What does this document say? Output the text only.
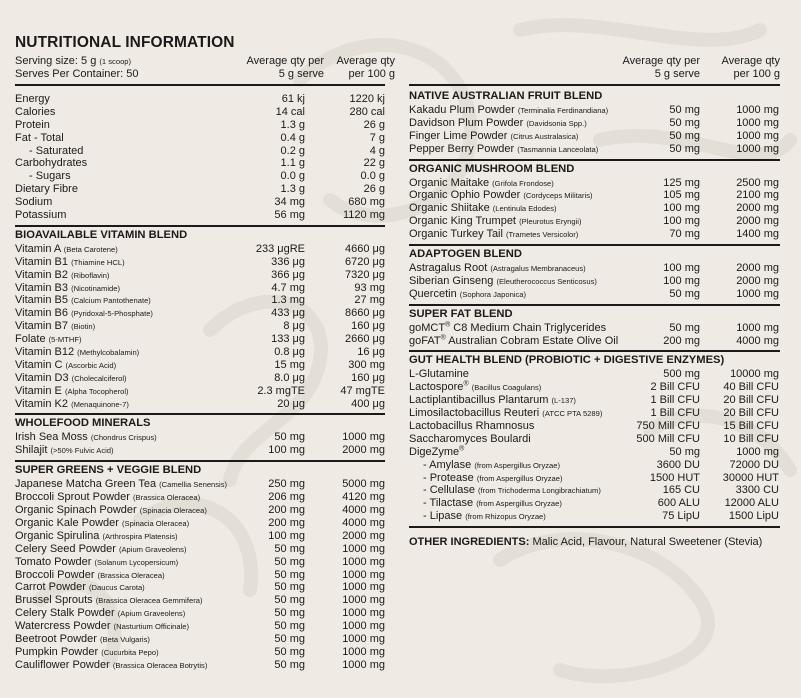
NUTRITIONAL INFORMATION
Serving size: 5 g (1 scoop)
Serves Per Container: 50
Average qty per
5 g serve
Average qty
per 100 g
Average qty per
5 g serve
Average qty
per 100 g
Energy	61 kj	1220 kj
Calories	14 cal	280 cal
Protein	1.3 g	26 g
Fat - Total	0.4 g	7 g
- Saturated	0.2 g	4 g
Carbohydrates	1.1 g	22 g
- Sugars	0.0 g	0.0 g
Dietary Fibre	1.3 g	26 g
Sodium	34 mg	680 mg
Potassium	56 mg	1120 mg
BIOAVAILABLE VITAMIN BLEND
Vitamin A (Beta Carotene)	233 μgRE	4660 μg
Vitamin B1 (Thiamine HCL)	336 μg	6720 μg
Vitamin B2 (Riboflavin)	366 μg	7320 μg
Vitamin B3 (Nicotinamide)	4.7 mg	93 mg
Vitamin B5 (Calcium Pantothenate)	1.3 mg	27 mg
Vitamin B6 (Pyridoxal-5-Phosphate)	433 μg	8660 μg
Vitamin B7 (Biotin)	8 μg	160 μg
Folate (5-MTHF)	133 μg	2660 μg
Vitamin B12 (Methylcobalamin)	0.8 μg	16 μg
Vitamin C (Ascorbic Acid)	15 mg	300 mg
Vitamin D3 (Cholecalciferol)	8.0 μg	160 μg
Vitamin E (Alpha Tocopherol)	2.3 mgTE	47 mgTE
Vitamin K2 (Menaquinone-7)	20 μg	400 μg
WHOLEFOOD MINERALS
Irish Sea Moss (Chondrus Crispus)	50 mg	1000 mg
Shilajit (>50% Fulvic Acid)	100 mg	2000 mg
SUPER GREENS + VEGGIE BLEND
Japanese Matcha Green Tea (Camellia Senensis)	250 mg	5000 mg
Broccoli Sprout Powder (Brassica Oleracea)	206 mg	4120 mg
Organic Spinach Powder (Spinacia Oleracea)	200 mg	4000 mg
Organic Kale Powder (Spinacia Oleracea)	200 mg	4000 mg
Organic Spirulina (Arthrospira Platensis)	100 mg	2000 mg
Celery Seed Powder (Apium Graveolens)	50 mg	1000 mg
Tomato Powder (Solanum Lycopersicum)	50 mg	1000 mg
Broccoli Powder (Brassica Oleracea)	50 mg	1000 mg
Carrot Powder (Daucus Carota)	50 mg	1000 mg
Brussel Sprouts (Brassica Oleracea Gemmifera)	50 mg	1000 mg
Celery Stalk Powder (Apium Graveolens)	50 mg	1000 mg
Watercress Powder (Nasturtium Officinale)	50 mg	1000 mg
Beetroot Powder (Beta Vulgaris)	50 mg	1000 mg
Pumpkin Powder (Cucurbita Pepo)	50 mg	1000 mg
Cauliflower Powder (Brassica Oleracea Botrytis)	50 mg	1000 mg
NATIVE AUSTRALIAN FRUIT BLEND
Kakadu Plum Powder (Terminalia Ferdinandiana)	50 mg	1000 mg
Davidson Plum Powder (Davidsonia Spp.)	50 mg	1000 mg
Finger Lime Powder (Citrus Australasica)	50 mg	1000 mg
Pepper Berry Powder (Tasmannia Lanceolata)	50 mg	1000 mg
ORGANIC MUSHROOM BLEND
Organic Maitake (Grifola Frondose)	125 mg	2500 mg
Organic Ophio Powder (Cordyceps Militaris)	105 mg	2100 mg
Organic Shiitake (Lentinula Edodes)	100 mg	2000 mg
Organic King Trumpet (Pleurotus Eryngii)	100 mg	2000 mg
Organic Turkey Tail (Trametes Versicolor)	70 mg	1400 mg
ADAPTOGEN BLEND
Astragalus Root (Astragalus Membranaceus)	100 mg	2000 mg
Siberian Ginseng (Eleutherococcus Senticosus)	100 mg	2000 mg
Quercetin (Sophora Japonica)	50 mg	1000 mg
SUPER FAT BLEND
goMCT® C8 Medium Chain Triglycerides	50 mg	1000 mg
goFAT® Australian Cobram Estate Olive Oil	200 mg	4000 mg
GUT HEALTH BLEND (PROBIOTIC + DIGESTIVE ENZYMES)
L-Glutamine	500 mg	10000 mg
Lactospore® (Bacillus Coagulans)	2 Bill CFU 40 Bill CFU
Lactiplantibacillus Plantarum (L-137)	1 Bill CFU 20 Bill CFU
Limosilactobacillus Reuteri (ATCC PTA 5289)	1 Bill CFU 20 Bill CFU
Lactobacillus Rhamnosus	750 Mill CFU 15 Bill CFU
Saccharomyces Boulardi	500 Mill CFU 10 Bill CFU
DigeZyme®	50 mg	1000 mg
- Amylase (from Aspergillus Oryzae)	3600 DU	72000 DU
- Protease (from Aspergillus Oryzae)	1500 HUT 30000 HUT
- Cellulase (from Trichoderma Longibrachiatum)	165 CU	3300 CU
- Tilactase (from Aspergillus Oryzae)	600 ALU 12000 ALU
- Lipase (from Rhizopus Oryzae)	75 LipU	1500 LipU
OTHER INGREDIENTS: Malic Acid, Flavour, Natural Sweetener (Stevia)
